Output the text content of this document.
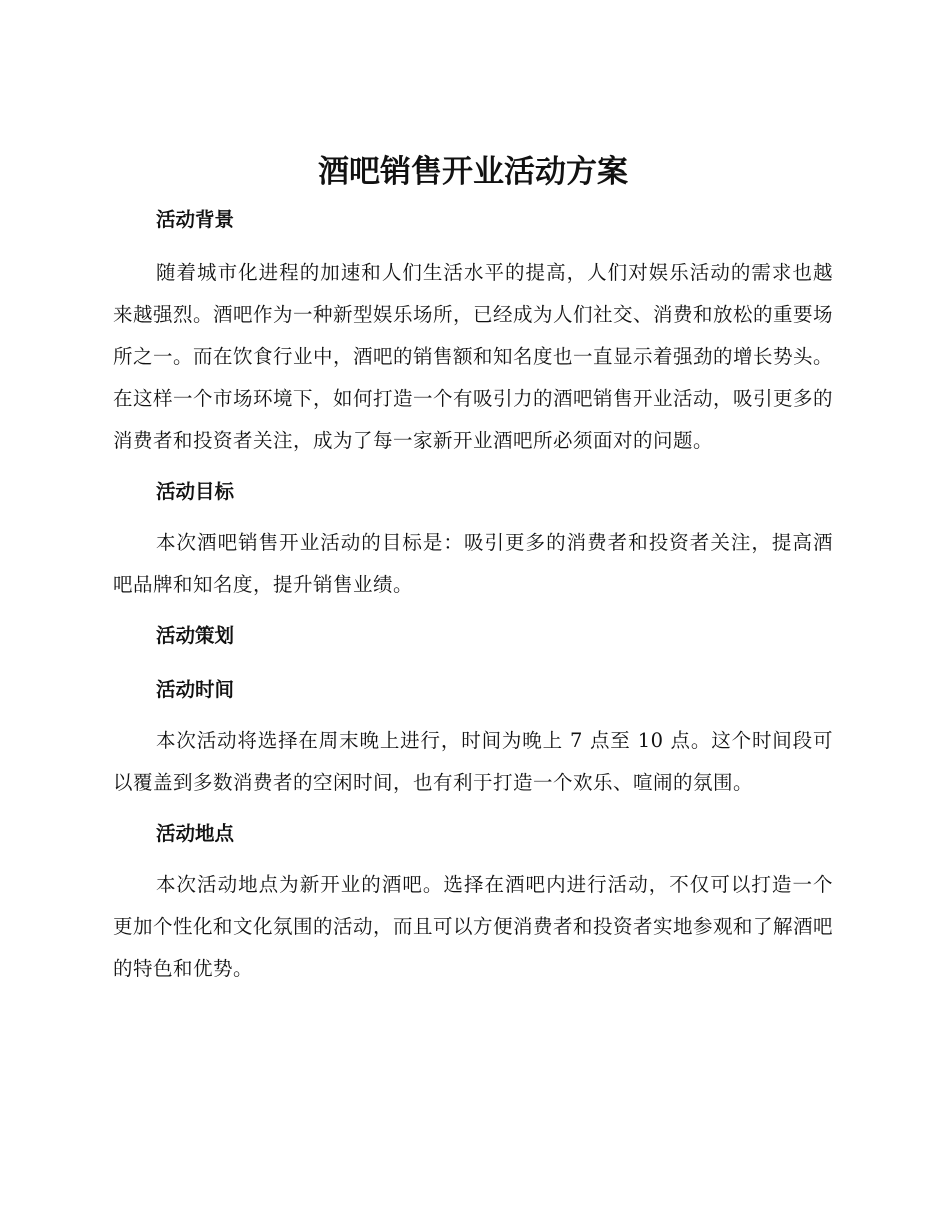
酒吧销售开业活动方案
活动背景

随着城市化进程的加速和人们生活水平的提高，人们对娱乐活动的需求也越来越强烈。酒吧作为一种新型娱乐场所，已经成为人们社交、消费和放松的重要场所之一。而在饮食行业中，酒吧的销售额和知名度也一直显示着强劲的增长势头。在这样一个市场环境下，如何打造一个有吸引力的酒吧销售开业活动，吸引更多的消费者和投资者关注，成为了每一家新开业酒吧所必须面对的问题。

活动目标

本次酒吧销售开业活动的目标是：吸引更多的消费者和投资者关注，提高酒吧品牌和知名度，提升销售业绩。

活动策划
活动时间

本次活动将选择在周末晚上进行，时间为晚上 7 点至 10 点。这个时间段可以覆盖到多数消费者的空闲时间，也有利于打造一个欢乐、喧闹的氛围。

活动地点

本次活动地点为新开业的酒吧。选择在酒吧内进行活动，不仅可以打造一个更加个性化和文化氛围的活动，而且可以方便消费者和投资者实地参观和了解酒吧的特色和优势。
